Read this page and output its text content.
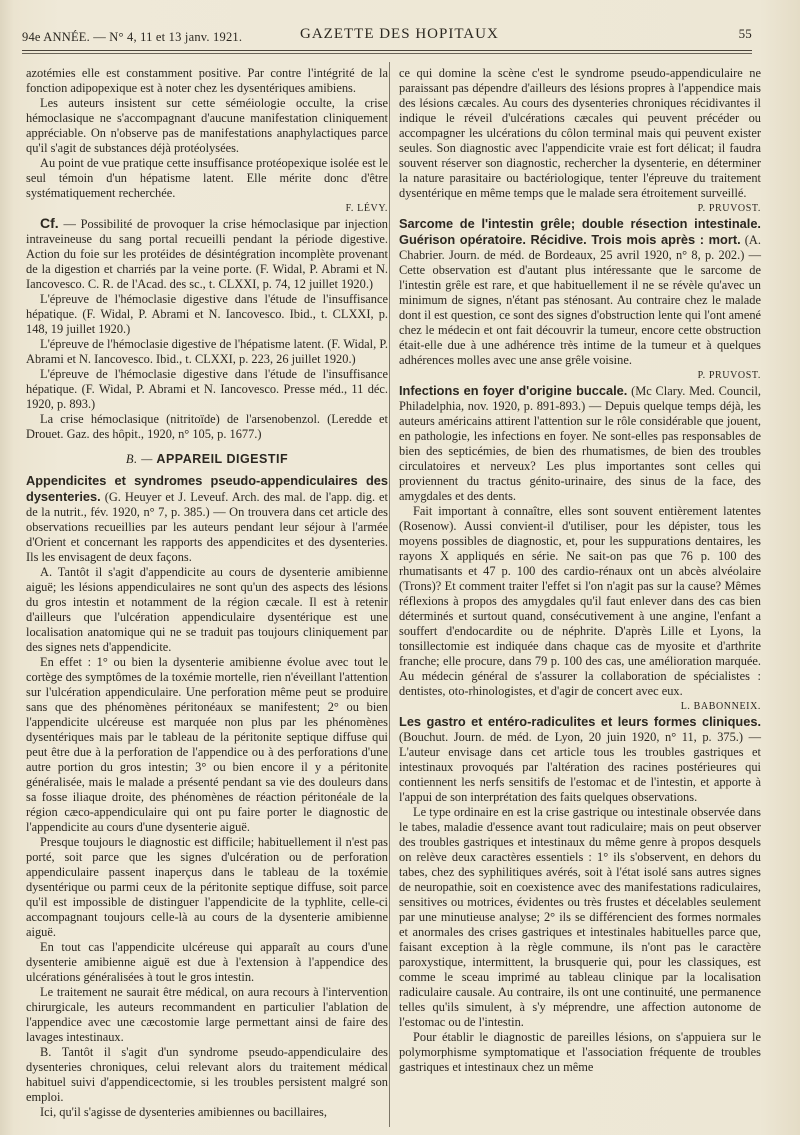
94e ANNÉE. — N° 4, 11 et 13 janv. 1921.	GAZETTE DES HOPITAUX	55

azotémies elle est constamment positive. Par contre l'intégrité de la fonction adipopexique est à noter chez les dysentériques amibiens.

Les auteurs insistent sur cette séméiologie occulte, la crise hémoclasique ne s'accompagnant d'aucune manifestation cliniquement appréciable. On n'observe pas de manifestations anaphylactiques parce qu'il s'agit de substances déjà protéolysées.

Au point de vue pratique cette insuffisance protéopexique isolée est le seul témoin d'un hépatisme latent. Elle mérite donc d'être systématiquement recherchée.

F. LÉVY.

Cf. — Possibilité de provoquer la crise hémoclasique par injection intraveineuse du sang portal recueilli pendant la période digestive. Action du foie sur les protéides de désintégration incomplète provenant de la digestion et charriés par la veine porte. (F. Widal, P. Abrami et N. Iancovesco. C. R. de l'Acad. des sc., t. CLXXI, p. 74, 12 juillet 1920.)

L'épreuve de l'hémoclasie digestive dans l'étude de l'insuffisance hépatique. (F. Widal, P. Abrami et N. Iancovesco. Ibid., t. CLXXI, p. 148, 19 juillet 1920.)

L'épreuve de l'hémoclasie digestive de l'hépatisme latent. (F. Widal, P. Abrami et N. Iancovesco. Ibid., t. CLXXI, p. 223, 26 juillet 1920.)

L'épreuve de l'hémoclasie digestive dans l'étude de l'insuffisance hépatique. (F. Widal, P. Abrami et N. Iancovesco. Presse méd., 11 déc. 1920, p. 893.)

La crise hémoclasique (nitritoïde) de l'arsenobenzol. (Leredde et Drouet. Gaz. des hôpit., 1920, n° 105, p. 1677.)

B. — APPAREIL DIGESTIF

Appendicites et syndromes pseudo-appendiculaires des dysenteries. (G. Heuyer et J. Leveuf. Arch. des mal. de l'app. dig. et de la nutrit., fév. 1920, n° 7, p. 385.) — On trouvera dans cet article des observations recueillies par les auteurs pendant leur séjour à l'armée d'Orient et concernant les rapports des appendicites et des dysenteries. Ils les envisagent de deux façons.

A. Tantôt il s'agit d'appendicite au cours de dysenterie amibienne aiguë; les lésions appendiculaires ne sont qu'un des aspects des lésions du gros intestin et notamment de la région cæcale. Il est à retenir d'ailleurs que l'ulcération appendiculaire dysentérique est une localisation anatomique qui ne se traduit pas toujours cliniquement par des signes nets d'appendicite.

En effet : 1° ou bien la dysenterie amibienne évolue avec tout le cortège des symptômes de la toxémie mortelle, rien n'éveillant l'attention sur l'ulcération appendiculaire. Une perforation même peut se produire sans que des phénomènes péritonéaux se manifestent; 2° ou bien l'appendicite ulcéreuse est marquée non plus par les phénomènes dysentériques mais par le tableau de la péritonite septique diffuse qui peut être due à la perforation de l'appendice ou à des perforations d'une autre portion du gros intestin; 3° ou bien encore il y a péritonite généralisée, mais le malade a présenté pendant sa vie des douleurs dans sa fosse iliaque droite, des phénomènes de réaction péritonéale de la région cæco-appendiculaire qui ont pu faire porter le diagnostic de l'appendicite au cours d'une dysenterie aiguë.

Presque toujours le diagnostic est difficile; habituellement il n'est pas porté, soit parce que les signes d'ulcération ou de perforation appendiculaire passent inaperçus dans le tableau de la toxémie dysentérique ou parmi ceux de la péritonite septique diffuse, soit parce qu'il est impossible de distinguer l'appendicite de la typhlite, celle-ci accompagnant toujours celle-là au cours de la dysenterie amibienne aiguë.

En tout cas l'appendicite ulcéreuse qui apparaît au cours d'une dysenterie amibienne aiguë est due à l'extension à l'appendice des ulcérations généralisées à tout le gros intestin.

Le traitement ne saurait être médical, on aura recours à l'intervention chirurgicale, les auteurs recommandent en particulier l'ablation de l'appendice avec une cæcostomie large permettant ainsi de faire des lavages intestinaux.

B. Tantôt il s'agit d'un syndrome pseudo-appendiculaire des dysenteries chroniques, celui relevant alors du traitement médical habituel suivi d'appendicectomie, si les troubles persistent malgré son emploi.

Ici, qu'il s'agisse de dysenteries amibiennes ou bacillaires,

ce qui domine la scène c'est le syndrome pseudo-appendiculaire ne paraissant pas dépendre d'ailleurs des lésions propres à l'appendice mais des lésions cæcales. Au cours des dysenteries chroniques récidivantes il indique le réveil d'ulcérations cæcales qui peuvent précéder ou accompagner les ulcérations du côlon terminal mais qui peuvent exister seules. Son diagnostic avec l'appendicite vraie est fort délicat; il faudra souvent réserver son diagnostic, rechercher la dysenterie, en déterminer la nature parasitaire ou bactériologique, tenter l'épreuve du traitement dysentérique en même temps que le malade sera étroitement surveillé.

P. PRUVOST.

Sarcome de l'intestin grêle; double résection intestinale. Guérison opératoire. Récidive. Trois mois après : mort. (A. Chabrier. Journ. de méd. de Bordeaux, 25 avril 1920, n° 8, p. 202.) — Cette observation est d'autant plus intéressante que le sarcome de l'intestin grêle est rare, et que habituellement il ne se révèle qu'avec un minimum de signes, n'étant pas sténosant. Au contraire chez le malade dont il est question, ce sont des signes d'obstruction lente qui l'ont amené chez le médecin et ont fait découvrir la tumeur, encore cette obstruction était-elle due à une adhérence très intime de la tumeur et à quelques adhérences molles avec une anse grêle voisine.

P. PRUVOST.

Infections en foyer d'origine buccale. (Mc Clary. Med. Council, Philadelphia, nov. 1920, p. 891-893.) — Depuis quelque temps déjà, les auteurs américains attirent l'attention sur le rôle considérable que jouent, en pathologie, les infections en foyer. Ne sont-elles pas responsables de bien des septicémies, de bien des rhumatismes, de bien des troubles circulatoires et nerveux? Les plus importantes sont celles qui proviennent du tractus génito-urinaire, des sinus de la face, des amygdales et des dents.

Fait important à connaître, elles sont souvent entièrement latentes (Rosenow). Aussi convient-il d'utiliser, pour les dépister, tous les moyens possibles de diagnostic, et, pour les suppurations dentaires, les rayons X appliqués en série. Ne sait-on pas que 76 p. 100 des rhumatisants et 47 p. 100 des cardio-rénaux ont un abcès alvéolaire (Trons)? Et comment traiter l'effet si l'on n'agit pas sur la cause? Mêmes réflexions à propos des amygdales qu'il faut enlever dans des cas bien déterminés et surtout quand, consécutivement à une angine, l'enfant a souffert d'endocardite ou de néphrite. D'après Lille et Lyons, la tonsillectomie est indiquée dans chaque cas de myosite et d'arthrite franche; elle procure, dans 79 p. 100 des cas, une amélioration marquée. Au médecin général de s'assurer la collaboration de spécialistes : dentistes, oto-rhinologistes, et d'agir de concert avec eux.

L. BABONNEIX.

Les gastro et entéro-radiculites et leurs formes cliniques. (Bouchut. Journ. de méd. de Lyon, 20 juin 1920, n° 11, p. 375.) — L'auteur envisage dans cet article tous les troubles gastriques et intestinaux provoqués par l'altération des racines postérieures qui contiennent les nerfs sensitifs de l'estomac et de l'intestin, et apporte à l'appui de son interprétation des faits quelques observations.

Le type ordinaire en est la crise gastrique ou intestinale observée dans le tabes, maladie d'essence avant tout radiculaire; mais on peut observer des troubles gastriques et intestinaux du même genre à propos desquels on relève deux caractères essentiels : 1° ils s'observent, en dehors du tabes, chez des syphilitiques avérés, soit à l'état isolé sans autres signes de neuropathie, soit en coexistence avec des manifestations radiculaires, sensitives ou motrices, évidentes ou très frustes et décelables seulement par une minutieuse analyse; 2° ils se différencient des formes normales et anormales des crises gastriques et intestinales habituelles parce que, faisant exception à la règle commune, ils n'ont pas le caractère paroxystique, intermittent, la brusquerie qui, pour les classiques, est comme le sceau imprimé au tableau clinique par la localisation radiculaire causale. Au contraire, ils ont une continuité, une permanence telles qu'ils simulent, à s'y méprendre, une affection autonome de l'estomac ou de l'intestin.

Pour établir le diagnostic de pareilles lésions, on s'appuiera sur le polymorphisme symptomatique et l'association fréquente de troubles gastriques et intestinaux chez un même
